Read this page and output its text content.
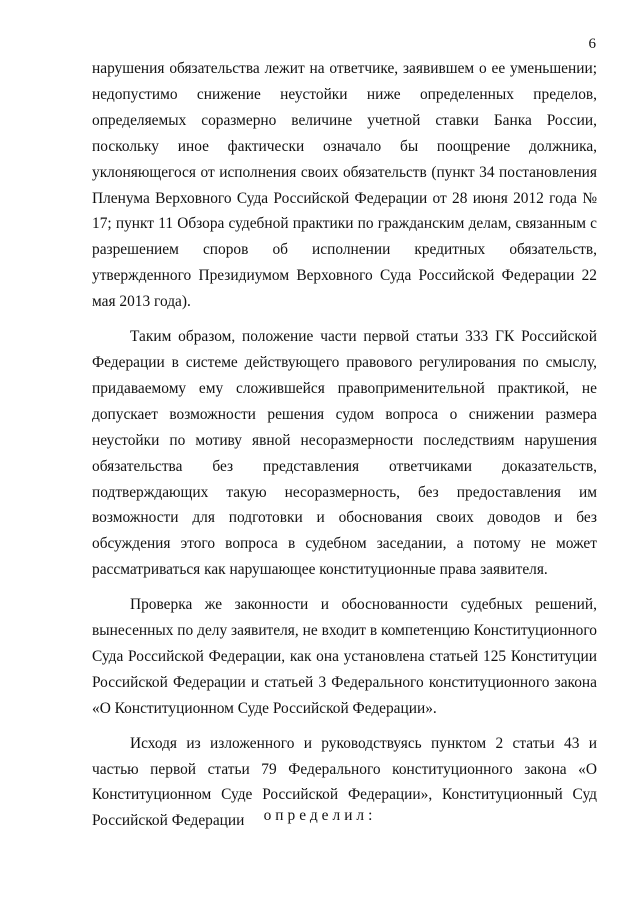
6

нарушения обязательства лежит на ответчике, заявившем о ее уменьшении; недопустимо снижение неустойки ниже определенных пределов, определяемых соразмерно величине учетной ставки Банка России, поскольку иное фактически означало бы поощрение должника, уклоняющегося от исполнения своих обязательств (пункт 34 постановления Пленума Верховного Суда Российской Федерации от 28 июня 2012 года № 17; пункт 11 Обзора судебной практики по гражданским делам, связанным с разрешением споров об исполнении кредитных обязательств, утвержденного Президиумом Верховного Суда Российской Федерации 22 мая 2013 года).

Таким образом, положение части первой статьи 333 ГК Российской Федерации в системе действующего правового регулирования по смыслу, придаваемому ему сложившейся правоприменительной практикой, не допускает возможности решения судом вопроса о снижении размера неустойки по мотиву явной несоразмерности последствиям нарушения обязательства без представления ответчиками доказательств, подтверждающих такую несоразмерность, без предоставления им возможности для подготовки и обоснования своих доводов и без обсуждения этого вопроса в судебном заседании, а потому не может рассматриваться как нарушающее конституционные права заявителя.

Проверка же законности и обоснованности судебных решений, вынесенных по делу заявителя, не входит в компетенцию Конституционного Суда Российской Федерации, как она установлена статьей 125 Конституции Российской Федерации и статьей 3 Федерального конституционного закона «О Конституционном Суде Российской Федерации».

Исходя из изложенного и руководствуясь пунктом 2 статьи 43 и частью первой статьи 79 Федерального конституционного закона «О Конституционном Суде Российской Федерации», Конституционный Суд Российской Федерации	определил:
